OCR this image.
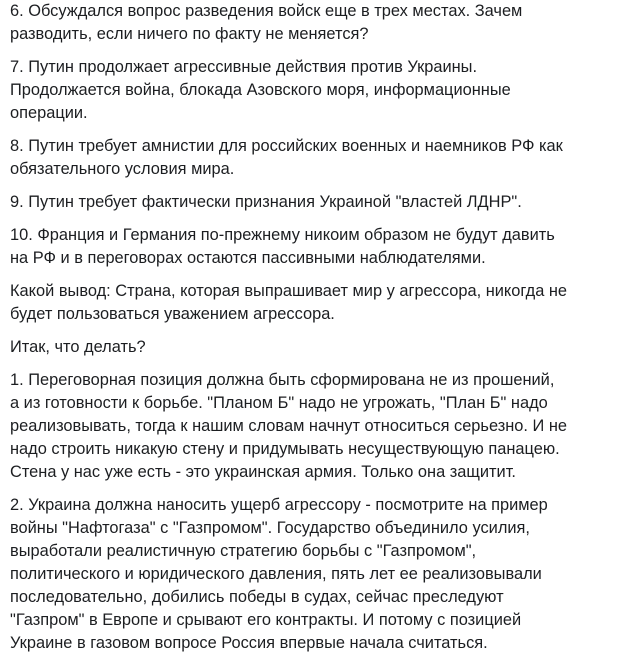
6. Обсуждался вопрос разведения войск еще в трех местах. Зачем
разводить, если ничего по факту не меняется?
7. Путин продолжает агрессивные действия против Украины.
Продолжается война, блокада Азовского моря, информационные
операции.
8. Путин требует амнистии для российских военных и наемников РФ как
обязательного условия мира.
9. Путин требует фактически признания Украиной "властей ЛДНР".
10. Франция и Германия по-прежнему никоим образом не будут давить
на РФ и в переговорах остаются пассивными наблюдателями.
Какой вывод: Страна, которая выпрашивает мир у агрессора, никогда не
будет пользоваться уважением агрессора.
Итак, что делать?
1. Переговорная позиция должна быть сформирована не из прошений,
а из готовности к борьбе. "Планом Б" надо не угрожать, "План Б" надо
реализовывать, тогда к нашим словам начнут относиться серьезно. И не
надо строить никакую стену и придумывать несуществующую панацею.
Стена у нас уже есть - это украинская армия. Только она защитит.
2. Украина должна наносить ущерб агрессору - посмотрите на пример
войны "Нафтогаза" с "Газпромом". Государство объединило усилия,
выработали реалистичную стратегию борьбы с "Газпромом",
политического и юридического давления, пять лет ее реализовывали
последовательно, добились победы в судах, сейчас преследуют
"Газпром" в Европе и срывают его контракты. И потому с позицией
Украине в газовом вопросе Россия впервые начала считаться.
